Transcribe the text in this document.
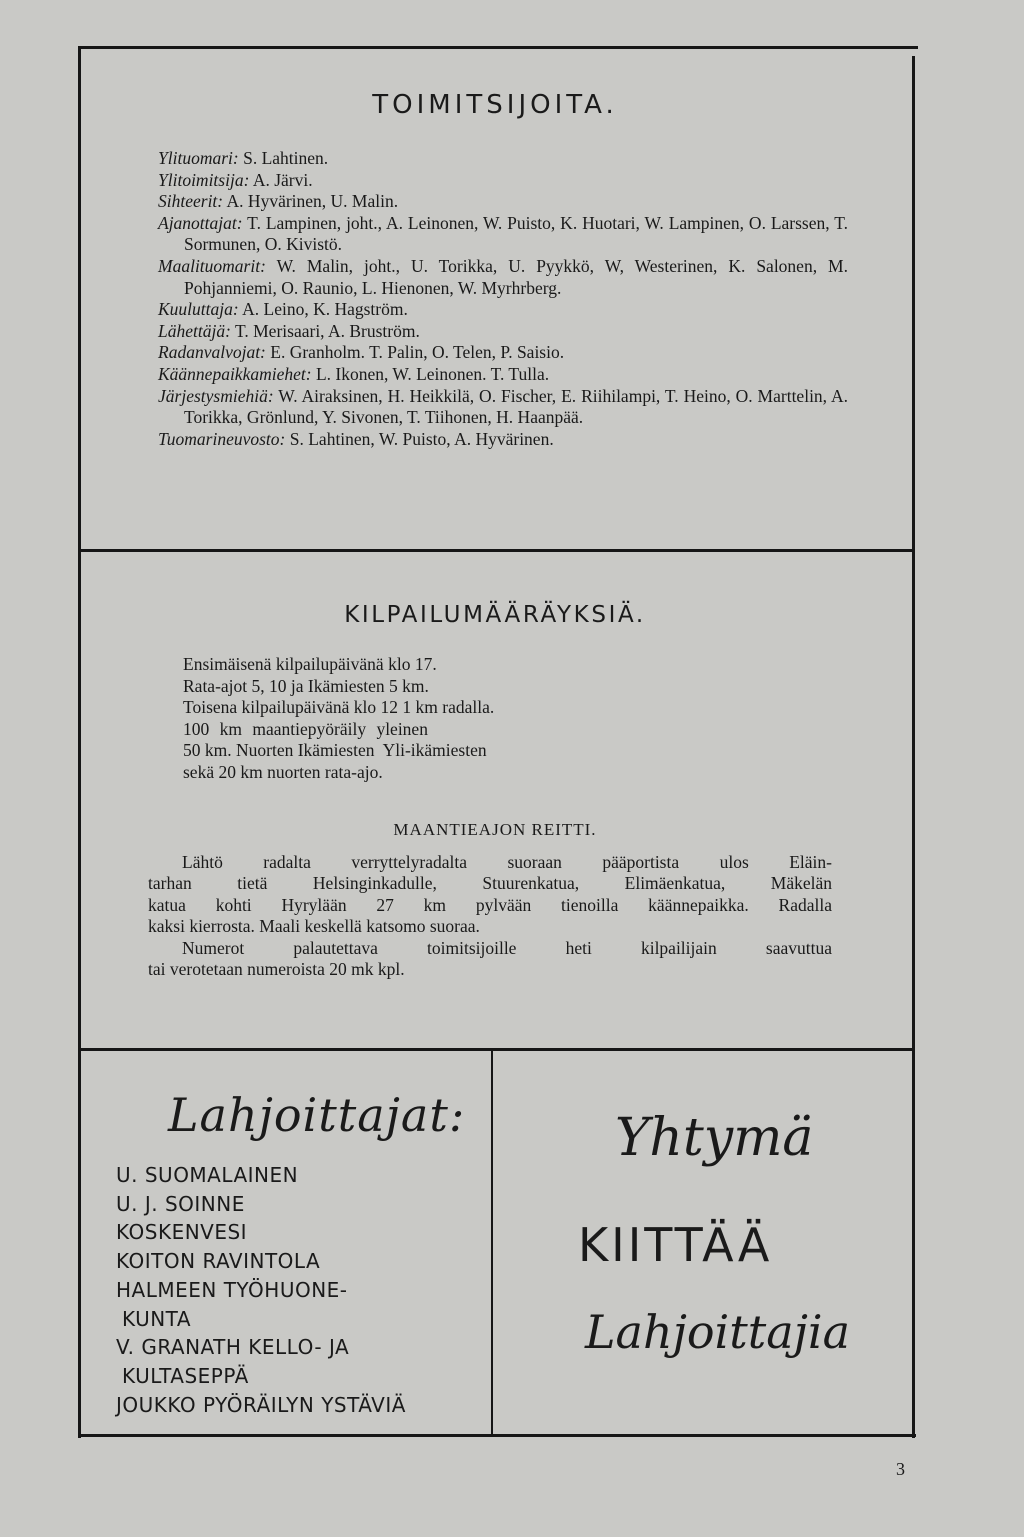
TOIMITSIJOITA.
Ylituomari: S. Lahtinen.
Ylitoimitsija: A. Järvi.
Sihteerit: A. Hyvärinen, U. Malin.
Ajanottajat: T. Lampinen, joht., A. Leinonen, W. Puisto, K. Huotari, W. Lampinen, O. Larssen, T. Sormunen, O. Kivistö.
Maalituomarit: W. Malin, joht., U. Torikka, U. Pyykkö, W, Westerinen, K. Salonen, M. Pohjanniemi, O. Raunio, L. Hienonen, W. Myrhrberg.
Kuuluttaja: A. Leino, K. Hagström.
Lähettäjä: T. Merisaari, A. Bruström.
Radanvalvojat: E. Granholm. T. Palin, O. Telen, P. Saisio.
Käännepaikkamiehet: L. Ikonen, W. Leinonen. T. Tulla.
Järjestysmiehiä: W. Airaksinen, H. Heikkilä, O. Fischer, E. Riihilampi, T. Heino, O. Marttelin, A. Torikka, Grönlund, Y. Sivonen, T. Tiihonen, H. Haanpää.
Tuomarineuvosto: S. Lahtinen, W. Puisto, A. Hyvärinen.
KILPAILUMÄÄRÄYKSIÄ.
Ensimäisenä kilpailupäivänä klo 17.
Rata-ajot 5, 10 ja Ikämiesten 5 km.
Toisena kilpailupäivänä klo 12 1 km radalla.
100 km maantiepyöräily yleinen
50 km. Nuorten Ikämiesten  Yli-ikämiesten
sekä 20 km nuorten rata-ajo.
MAANTIEAJON REITTI.
Lähtö radalta verryttelyradalta suoraan pääportista ulos Eläin-
tarhan tietä Helsinginkadulle, Stuurenkatua, Elimäenkatua, Mäkelän
katua kohti Hyrylään 27 km pylvään tienoilla käännepaikka. Radalla
kaksi kierrosta. Maali keskellä katsomo suoraa.
Numerot palautettava toimitsijoille heti kilpailijain saavuttua
tai verotetaan numeroista 20 mk kpl.
Lahjoittajat:
U. SUOMALAINEN
U. J. SOINNE
KOSKENVESI
KOITON RAVINTOLA
HALMEEN TYÖHUONE-
KUNTA
V. GRANATH KELLO- JA
KULTASEPPÄ
JOUKKO PYÖRÄILYN YSTÄVIÄ
Yhtymä
KIITTÄÄ
Lahjoittajia
3
